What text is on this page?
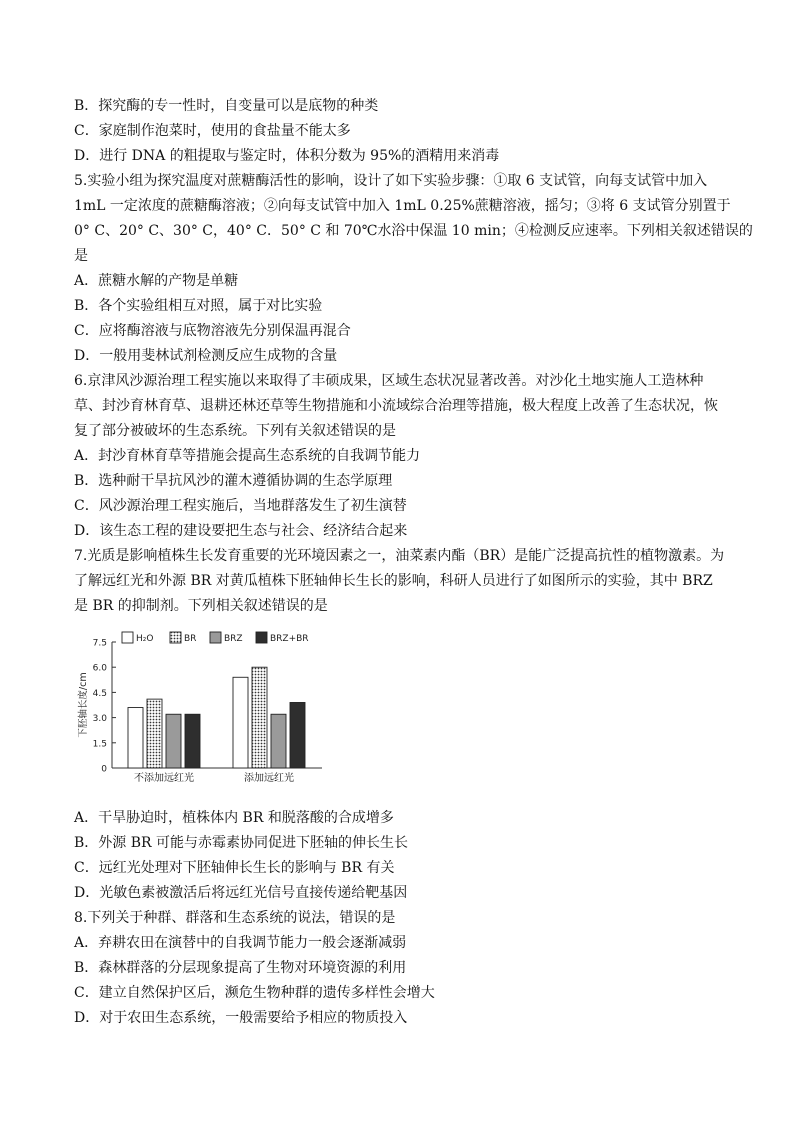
B．探究酶的专一性时，自变量可以是底物的种类
C．家庭制作泡菜时，使用的食盐量不能太多
D．进行 DNA 的粗提取与鉴定时，体积分数为 95%的酒精用来消毒
5.实验小组为探究温度对蔗糖酶活性的影响，设计了如下实验步骤：①取 6 支试管，向每支试管中加入
1mL 一定浓度的蔗糖酶溶液；②向每支试管中加入 1mL 0.25%蔗糖溶液，摇匀；③将 6 支试管分别置于
0° C、20° C、30° C，40° C．50° C 和 70℃水浴中保温 10 min；④检测反应速率。下列相关叙述错误的
是
A．蔗糖水解的产物是单糖
B．各个实验组相互对照，属于对比实验
C．应将酶溶液与底物溶液先分别保温再混合
D．一般用斐林试剂检测反应生成物的含量
6.京津风沙源治理工程实施以来取得了丰硕成果，区域生态状况显著改善。对沙化土地实施人工造林种
草、封沙育林育草、退耕还林还草等生物措施和小流域综合治理等措施，极大程度上改善了生态状况，恢
复了部分被破坏的生态系统。下列有关叙述错误的是
A．封沙育林育草等措施会提高生态系统的自我调节能力
B．选种耐干旱抗风沙的灌木遵循协调的生态学原理
C．风沙源治理工程实施后，当地群落发生了初生演替
D．该生态工程的建设要把生态与社会、经济结合起来
7.光质是影响植株生长发育重要的光环境因素之一，油菜素内酯（BR）是能广泛提高抗性的植物激素。为
了解远红光和外源 BR 对黄瓜植株下胚轴伸长生长的影响，科研人员进行了如图所示的实验，其中 BRZ
是 BR 的抑制剂。下列相关叙述错误的是
0
1.5
3.0
4.5
6.0
7.5
下胚轴长度/cm
不添加远红光	添加远红光
H₂O	BR	BRZ	BRZ+BR
A．干旱胁迫时，植株体内 BR 和脱落酸的合成增多
B．外源 BR 可能与赤霉素协同促进下胚轴的伸长生长
C．远红光处理对下胚轴伸长生长的影响与 BR 有关
D．光敏色素被激活后将远红光信号直接传递给靶基因
8.下列关于种群、群落和生态系统的说法，错误的是
A．弃耕农田在演替中的自我调节能力一般会逐渐减弱
B．森林群落的分层现象提高了生物对环境资源的利用
C．建立自然保护区后，濒危生物种群的遗传多样性会增大
D．对于农田生态系统，一般需要给予相应的物质投入
